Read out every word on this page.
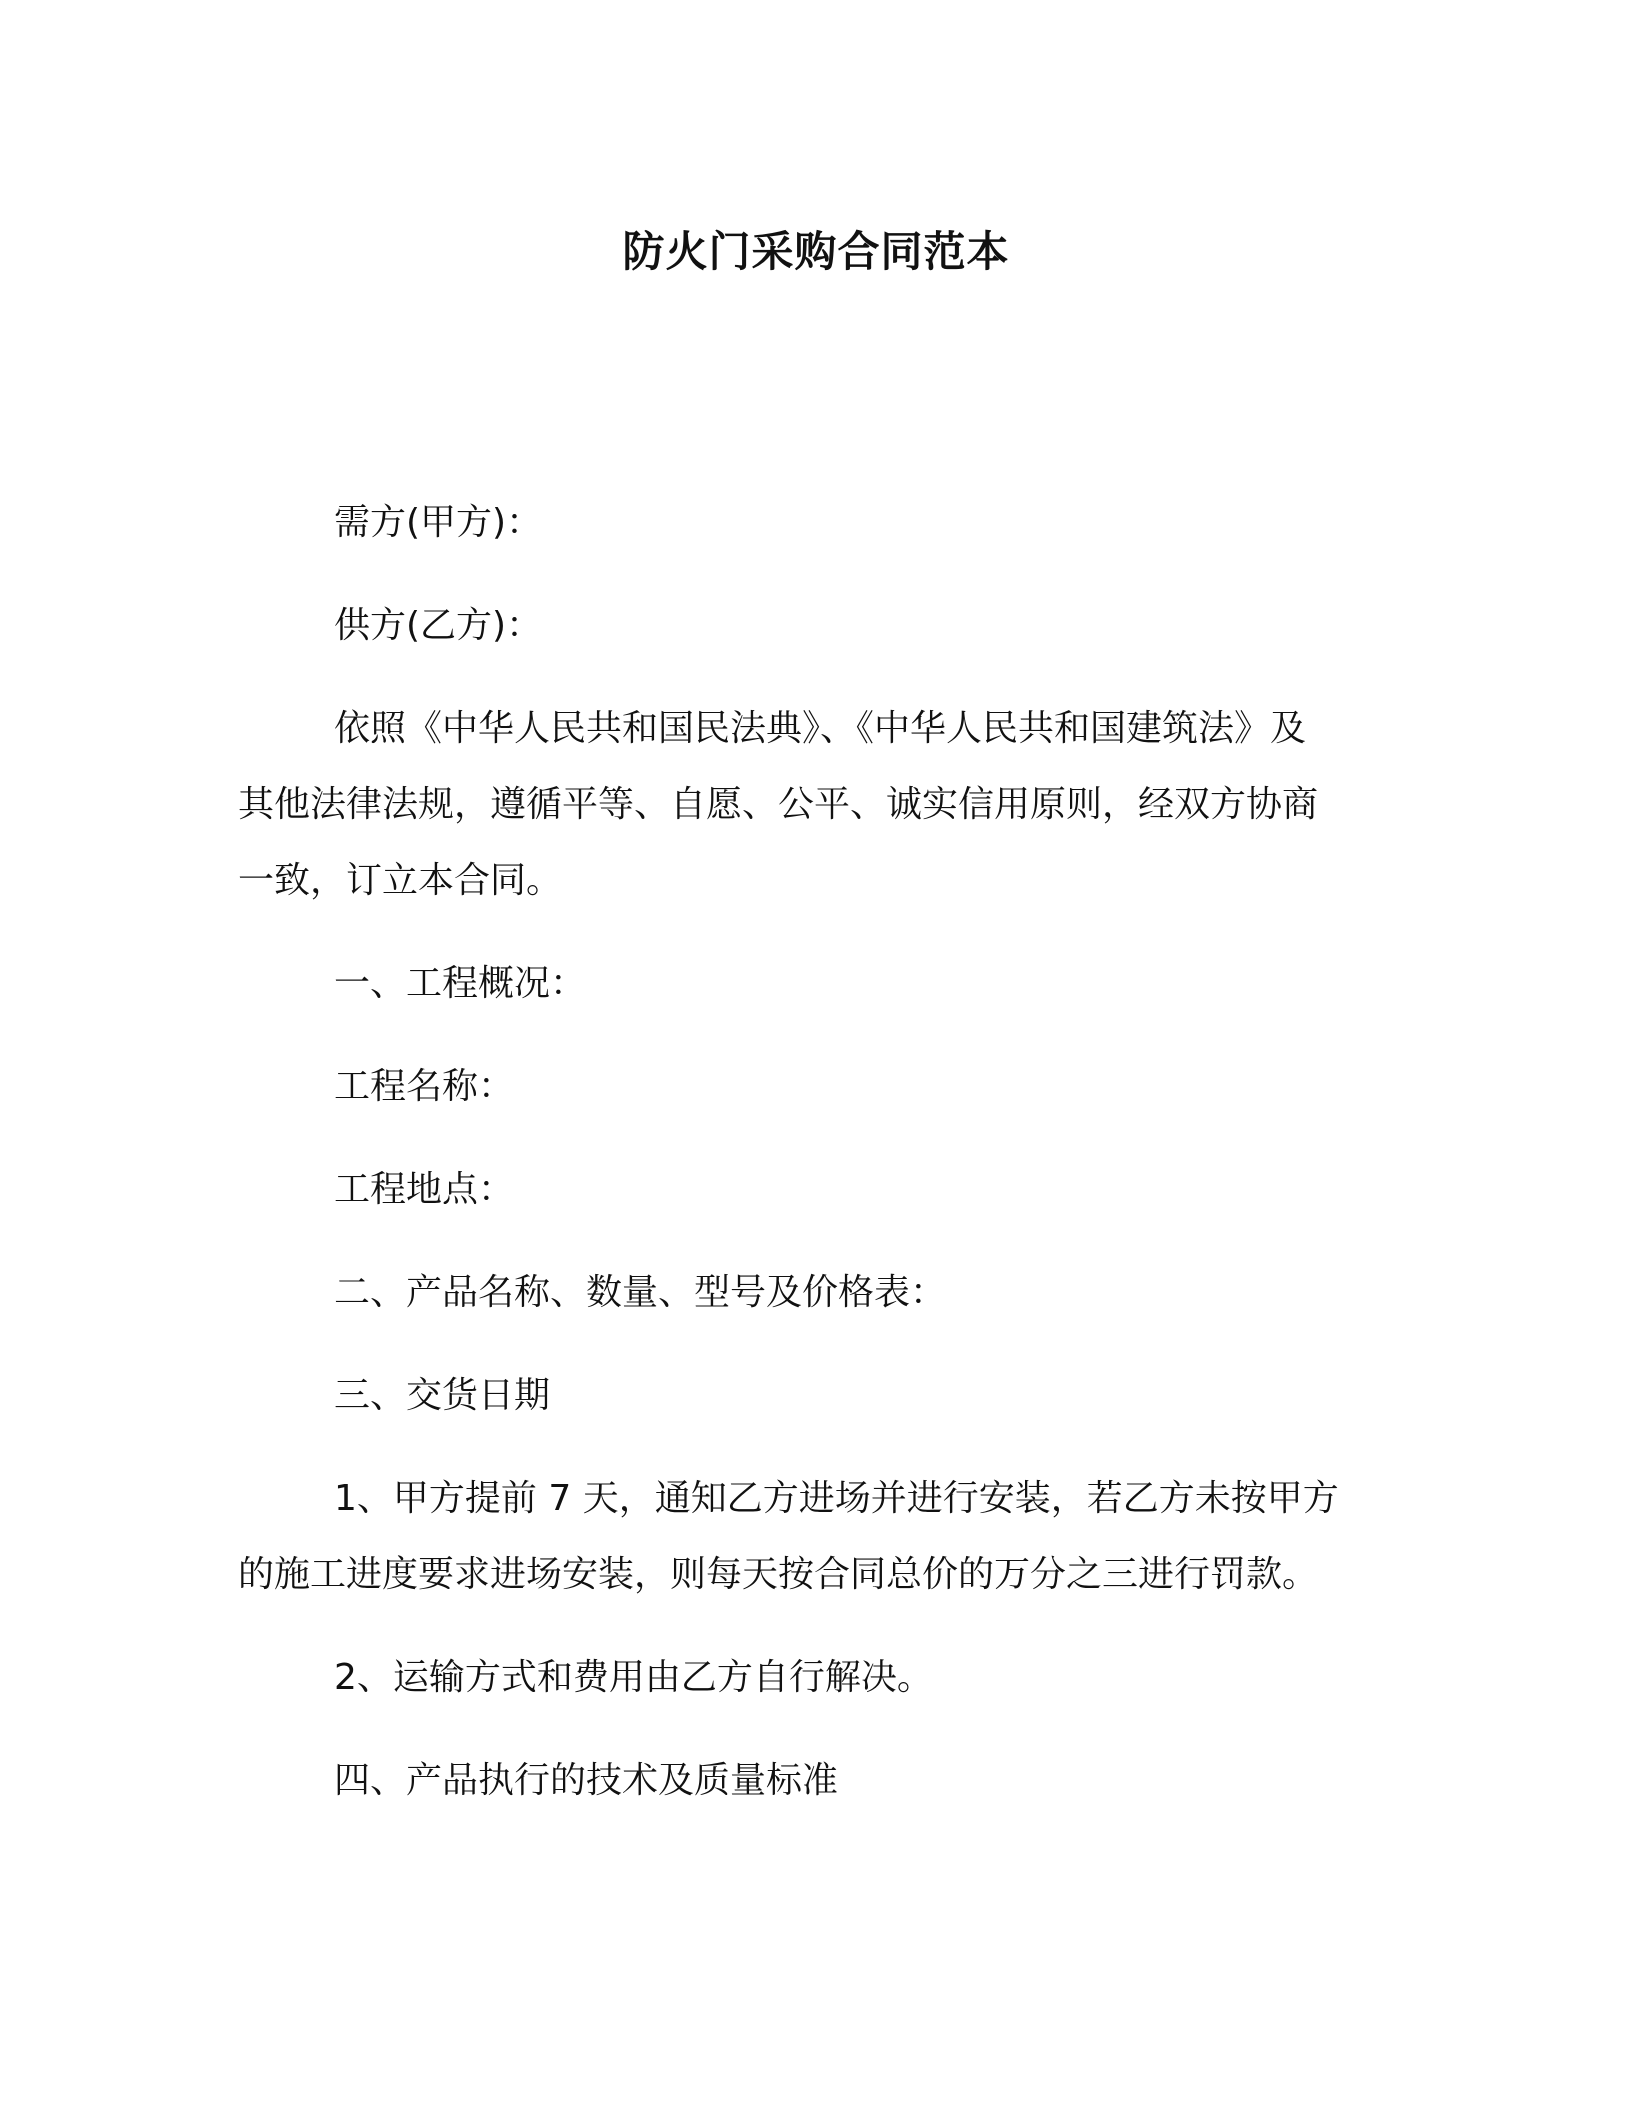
防火门采购合同范本
需方(甲方)：
供方(乙方)：
依照《中华人民共和国民法典》、《中华人民共和国建筑法》及
其他法律法规，遵循平等、自愿、公平、诚实信用原则，经双方协商
一致，订立本合同。
一、工程概况：
工程名称：
工程地点：
二、产品名称、数量、型号及价格表：
三、交货日期
1、甲方提前 7 天，通知乙方进场并进行安装，若乙方未按甲方
的施工进度要求进场安装，则每天按合同总价的万分之三进行罚款。
2、运输方式和费用由乙方自行解决。
四、产品执行的技术及质量标准
